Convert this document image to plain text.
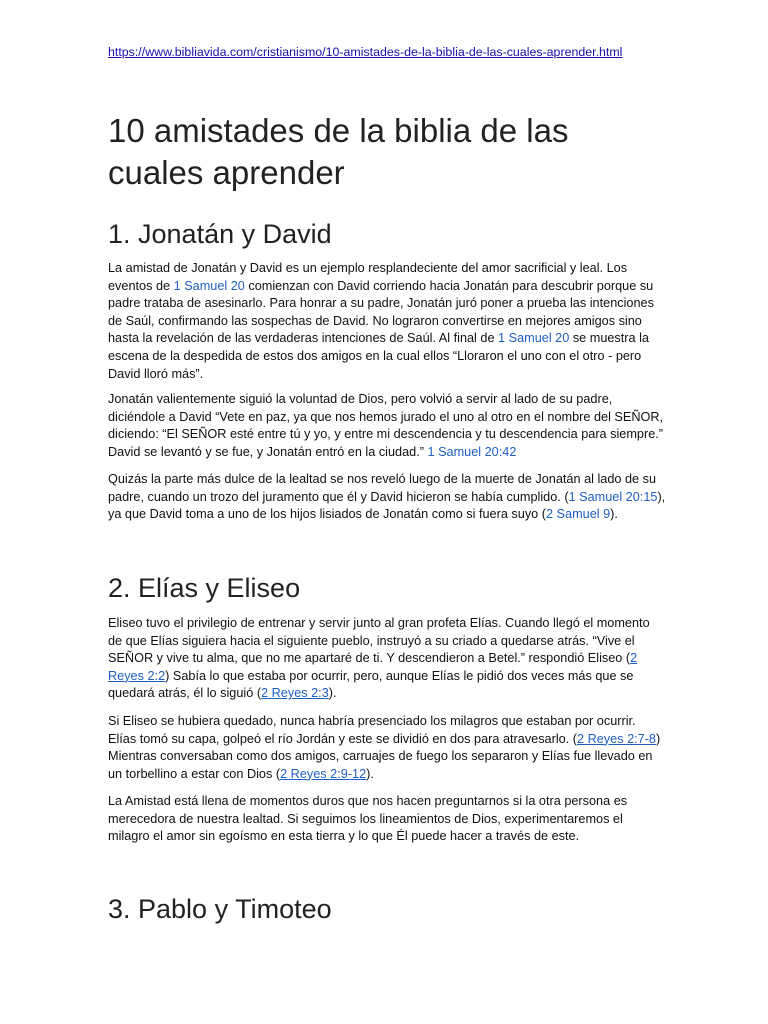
https://www.bibliavida.com/cristianismo/10-amistades-de-la-biblia-de-las-cuales-aprender.html
10 amistades de la biblia de las cuales aprender
1. Jonatán y David

La amistad de Jonatán y David es un ejemplo resplandeciente del amor sacrificial y leal. Los eventos de 1 Samuel 20 comienzan con David corriendo hacia Jonatán para descubrir porque su padre trataba de asesinarlo. Para honrar a su padre, Jonatán juró poner a prueba las intenciones de Saúl, confirmando las sospechas de David. No lograron convertirse en mejores amigos sino hasta la revelación de las verdaderas intenciones de Saúl. Al final de 1 Samuel 20 se muestra la escena de la despedida de estos dos amigos en la cual ellos “Lloraron el uno con el otro - pero David lloró más”.

Jonatán valientemente siguió la voluntad de Dios, pero volvió a servir al lado de su padre, diciéndole a David “Vete en paz, ya que nos hemos jurado el uno al otro en el nombre del SEÑOR, diciendo: “El SEÑOR esté entre tú y yo, y entre mi descendencia y tu descendencia para siempre.” David se levantó y se fue, y Jonatán entró en la ciudad.” 1 Samuel 20:42

Quizás la parte más dulce de la lealtad se nos reveló luego de la muerte de Jonatán al lado de su padre, cuando un trozo del juramento que él y David hicieron se había cumplido. (1 Samuel 20:15), ya que David toma a uno de los hijos lisiados de Jonatán como si fuera suyo (2 Samuel 9).

2. Elías y Eliseo

Eliseo tuvo el privilegio de entrenar y servir junto al gran profeta Elías. Cuando llegó el momento de que Elías siguiera hacia el siguiente pueblo, instruyó a su criado a quedarse atrás. “Vive el SEÑOR y vive tu alma, que no me apartaré de ti. Y descendieron a Betel.” respondió Eliseo (2 Reyes 2:2) Sabía lo que estaba por ocurrir, pero, aunque Elías le pidió dos veces más que se quedará atrás, él lo siguió (2 Reyes 2:3).

Si Eliseo se hubiera quedado, nunca habría presenciado los milagros que estaban por ocurrir. Elías tomó su capa, golpeó el río Jordán y este se dividió en dos para atravesarlo. (2 Reyes 2:7-8) Mientras conversaban como dos amigos, carruajes de fuego los separaron y Elías fue llevado en un torbellino a estar con Dios (2 Reyes 2:9-12).

La Amistad está llena de momentos duros que nos hacen preguntarnos si la otra persona es merecedora de nuestra lealtad. Si seguimos los lineamientos de Dios, experimentaremos el milagro el amor sin egoísmo en esta tierra y lo que Él puede hacer a través de este.

3. Pablo y Timoteo
